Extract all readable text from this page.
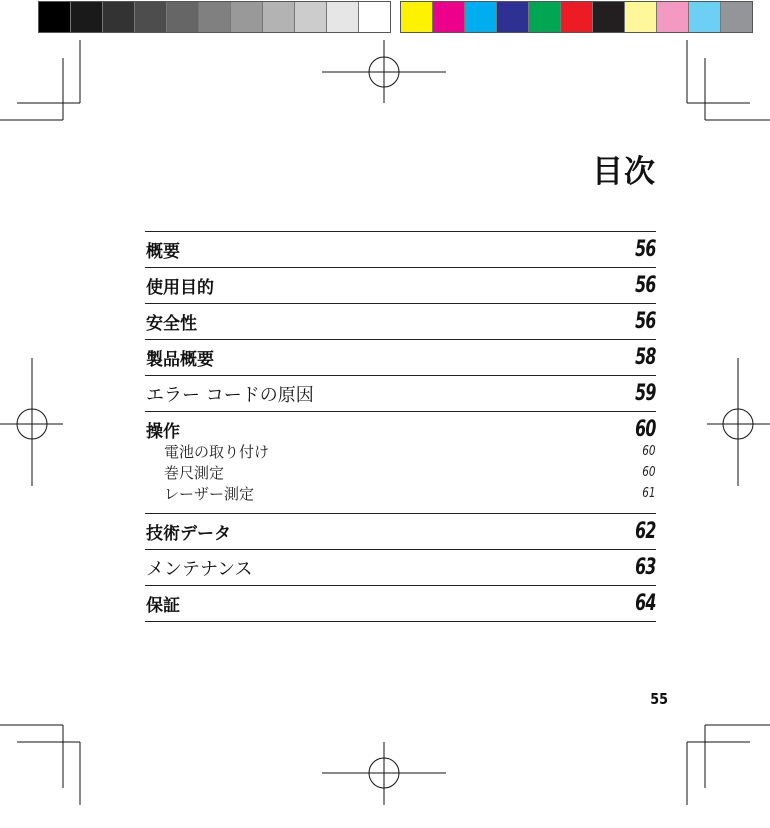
目次
概要	56
使用目的	56
安全性	56
製品概要	58
エラー コードの原因	59
操作	60
電池の取り付け	60
巻尺測定	60
レーザー測定	61
技術データ	62
メンテナンス	63
保証	64
55
